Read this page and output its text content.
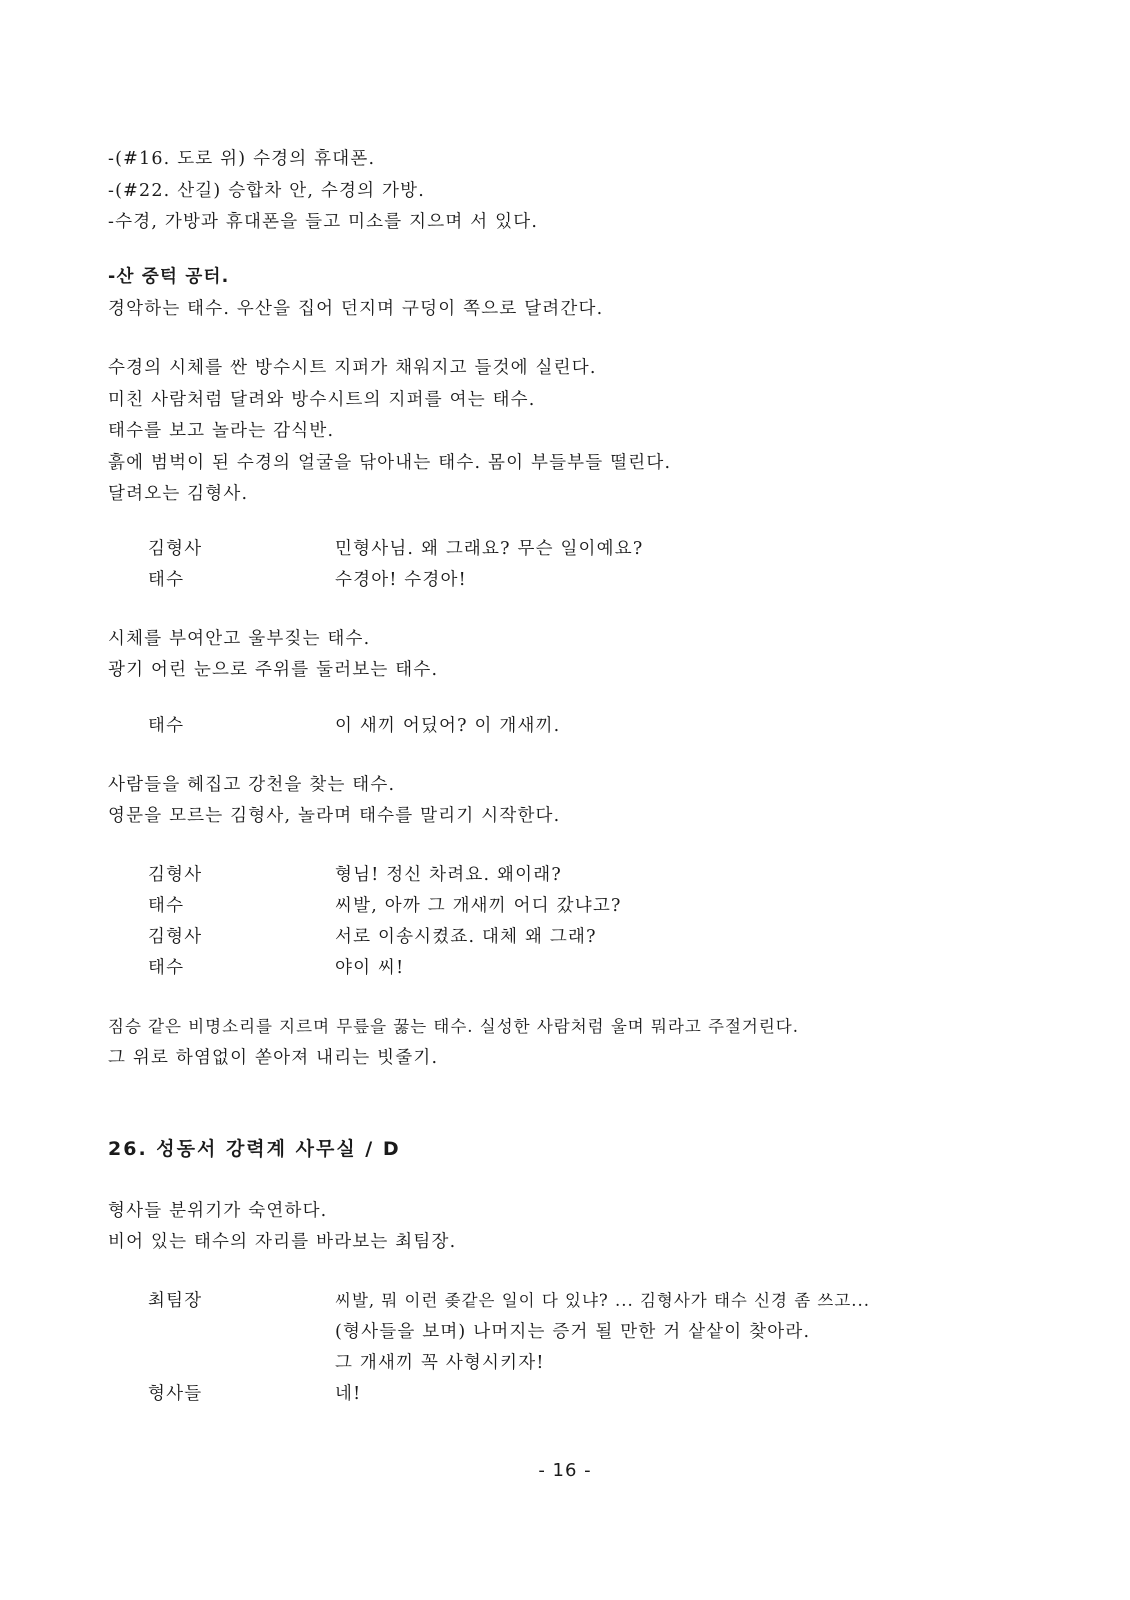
-(#16. 도로 위) 수경의 휴대폰.
-(#22. 산길) 승합차 안, 수경의 가방.
-수경, 가방과 휴대폰을 들고 미소를 지으며 서 있다.
-산 중턱 공터.
경악하는 태수. 우산을 집어 던지며 구덩이 쪽으로 달려간다.
수경의 시체를 싼 방수시트 지퍼가 채워지고 들것에 실린다.
미친 사람처럼 달려와 방수시트의 지퍼를 여는 태수.
태수를 보고 놀라는 감식반.
흙에 범벅이 된 수경의 얼굴을 닦아내는 태수. 몸이 부들부들 떨린다.
달려오는 김형사.
김형사	민형사님. 왜 그래요? 무슨 일이예요?
태수	수경아! 수경아!
시체를 부여안고 울부짖는 태수.
광기 어린 눈으로 주위를 둘러보는 태수.
태수	이 새끼 어딨어? 이 개새끼.
사람들을 헤집고 강천을 찾는 태수.
영문을 모르는 김형사, 놀라며 태수를 말리기 시작한다.
김형사	형님! 정신 차려요. 왜이래?
태수	씨발, 아까 그 개새끼 어디 갔냐고?
김형사	서로 이송시켰죠. 대체 왜 그래?
태수	야이 씨!
짐승 같은 비명소리를 지르며 무릎을 꿇는 태수. 실성한 사람처럼 울며 뭐라고 주절거린다.
그 위로 하염없이 쏟아져 내리는 빗줄기.
26. 성동서 강력계 사무실 / D
형사들 분위기가 숙연하다.
비어 있는 태수의 자리를 바라보는 최팀장.
최팀장	씨발, 뭐 이런 좆같은 일이 다 있냐? ... 김형사가 태수 신경 좀 쓰고...
(형사들을 보며) 나머지는 증거 될 만한 거 샅샅이 찾아라.
그 개새끼 꼭 사형시키자!
형사들	네!
- 16 -
